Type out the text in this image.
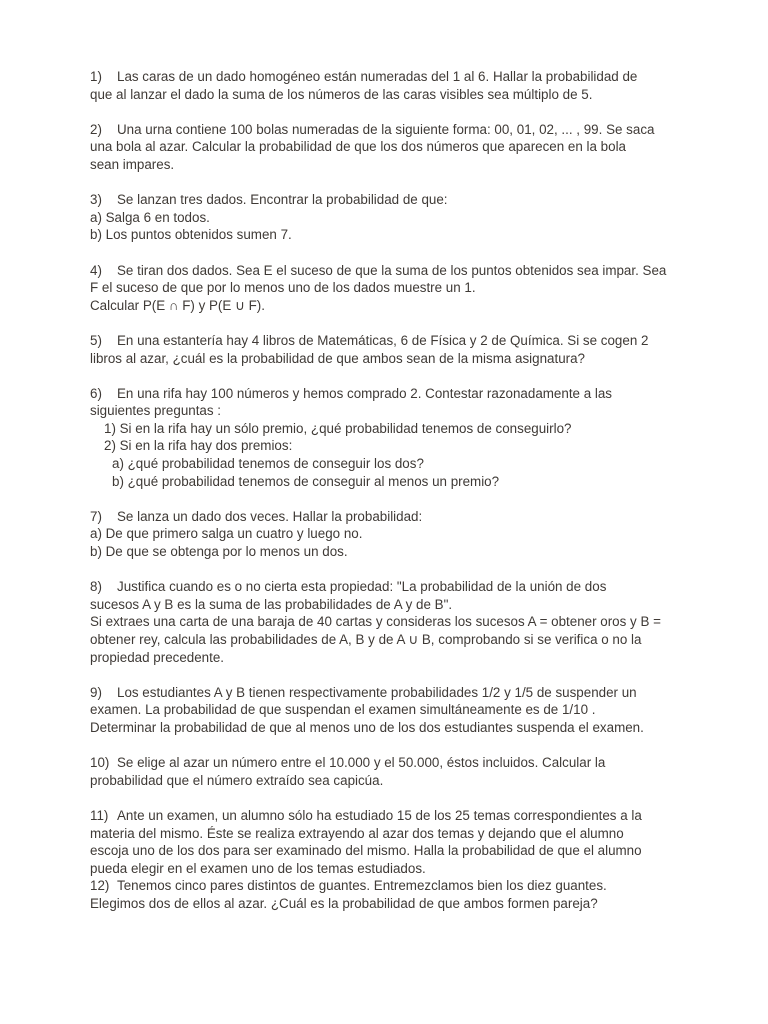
1) Las caras de un dado homogéneo están numeradas del 1 al 6. Hallar la probabilidad de
que al lanzar el dado la suma de los números de las caras visibles sea múltiplo de 5.
2) Una urna contiene 100 bolas numeradas de la siguiente forma: 00, 01, 02, ... , 99. Se saca
una bola al azar. Calcular la probabilidad de que los dos números que aparecen en la bola
sean impares.
3) Se lanzan tres dados. Encontrar la probabilidad de que:
a) Salga 6 en todos.
b) Los puntos obtenidos sumen 7.
4) Se tiran dos dados. Sea E el suceso de que la suma de los puntos obtenidos sea impar. Sea
F el suceso de que por lo menos uno de los dados muestre un 1.
Calcular P(E ∩ F) y P(E ∪ F).
5) En una estantería hay 4 libros de Matemáticas, 6 de Física y 2 de Química. Si se cogen 2
libros al azar, ¿cuál es la probabilidad de que ambos sean de la misma asignatura?
6) En una rifa hay 100 números y hemos comprado 2. Contestar razonadamente a las
siguientes preguntas :
1) Si en la rifa hay un sólo premio, ¿qué probabilidad tenemos de conseguirlo?
2) Si en la rifa hay dos premios:
a) ¿qué probabilidad tenemos de conseguir los dos?
b) ¿qué probabilidad tenemos de conseguir al menos un premio?
7) Se lanza un dado dos veces. Hallar la probabilidad:
a) De que primero salga un cuatro y luego no.
b) De que se obtenga por lo menos un dos.
8) Justifica cuando es o no cierta esta propiedad: "La probabilidad de la unión de dos
sucesos A y B es la suma de las probabilidades de A y de B".
Si extraes una carta de una baraja de 40 cartas y consideras los sucesos A = obtener oros y B =
obtener rey, calcula las probabilidades de A, B y de A ∪ B, comprobando si se verifica o no la
propiedad precedente.
9) Los estudiantes A y B tienen respectivamente probabilidades 1/2 y 1/5 de suspender un
examen. La probabilidad de que suspendan el examen simultáneamente es de 1/10 .
Determinar la probabilidad de que al menos uno de los dos estudiantes suspenda el examen.
10) Se elige al azar un número entre el 10.000 y el 50.000, éstos incluidos. Calcular la
probabilidad que el número extraído sea capicúa.
11) Ante un examen, un alumno sólo ha estudiado 15 de los 25 temas correspondientes a la
materia del mismo. Éste se realiza extrayendo al azar dos temas y dejando que el alumno
escoja uno de los dos para ser examinado del mismo. Halla la probabilidad de que el alumno
pueda elegir en el examen uno de los temas estudiados.
12) Tenemos cinco pares distintos de guantes. Entremezclamos bien los diez guantes.
Elegimos dos de ellos al azar. ¿Cuál es la probabilidad de que ambos formen pareja?
